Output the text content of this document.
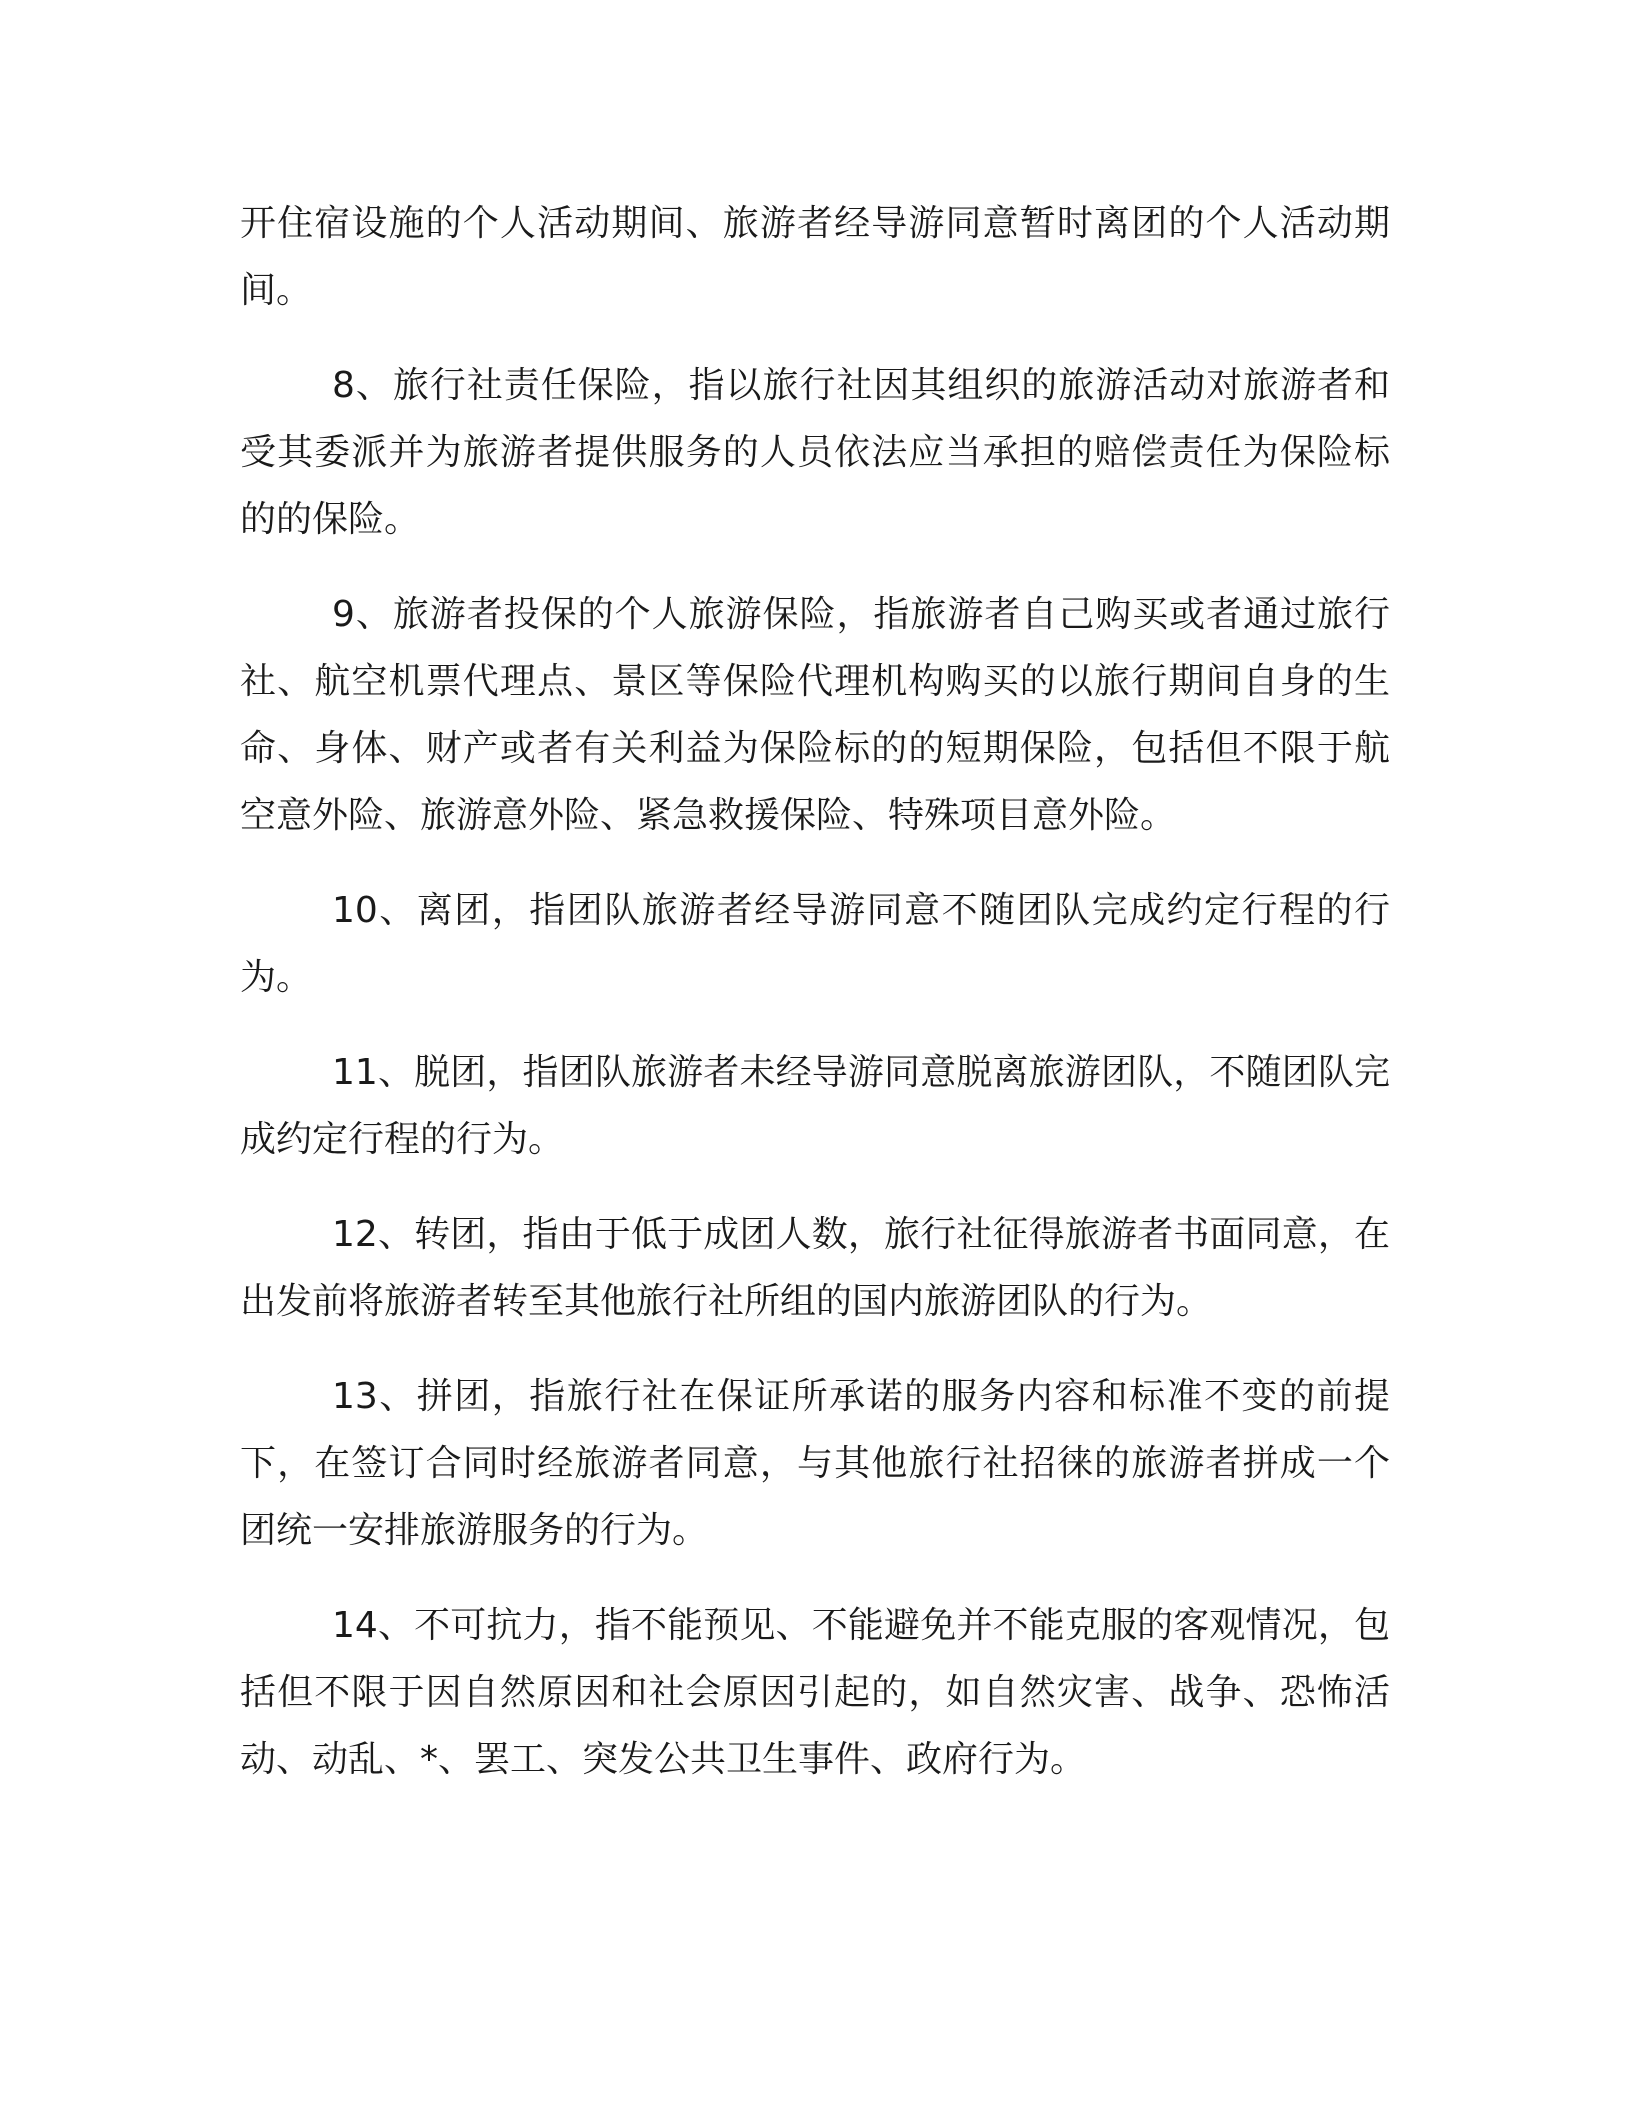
开住宿设施的个人活动期间、旅游者经导游同意暂时离团的个人活动期间。

8、旅行社责任保险，指以旅行社因其组织的旅游活动对旅游者和受其委派并为旅游者提供服务的人员依法应当承担的赔偿责任为保险标的的保险。

9、旅游者投保的个人旅游保险，指旅游者自己购买或者通过旅行社、航空机票代理点、景区等保险代理机构购买的以旅行期间自身的生命、身体、财产或者有关利益为保险标的的短期保险，包括但不限于航空意外险、旅游意外险、紧急救援保险、特殊项目意外险。

10、离团，指团队旅游者经导游同意不随团队完成约定行程的行为。

11、脱团，指团队旅游者未经导游同意脱离旅游团队，不随团队完成约定行程的行为。

12、转团，指由于低于成团人数，旅行社征得旅游者书面同意，在出发前将旅游者转至其他旅行社所组的国内旅游团队的行为。

13、拼团，指旅行社在保证所承诺的服务内容和标准不变的前提下，在签订合同时经旅游者同意，与其他旅行社招徕的旅游者拼成一个团统一安排旅游服务的行为。

14、不可抗力，指不能预见、不能避免并不能克服的客观情况，包括但不限于因自然原因和社会原因引起的，如自然灾害、战争、恐怖活动、动乱、*、罢工、突发公共卫生事件、政府行为。
